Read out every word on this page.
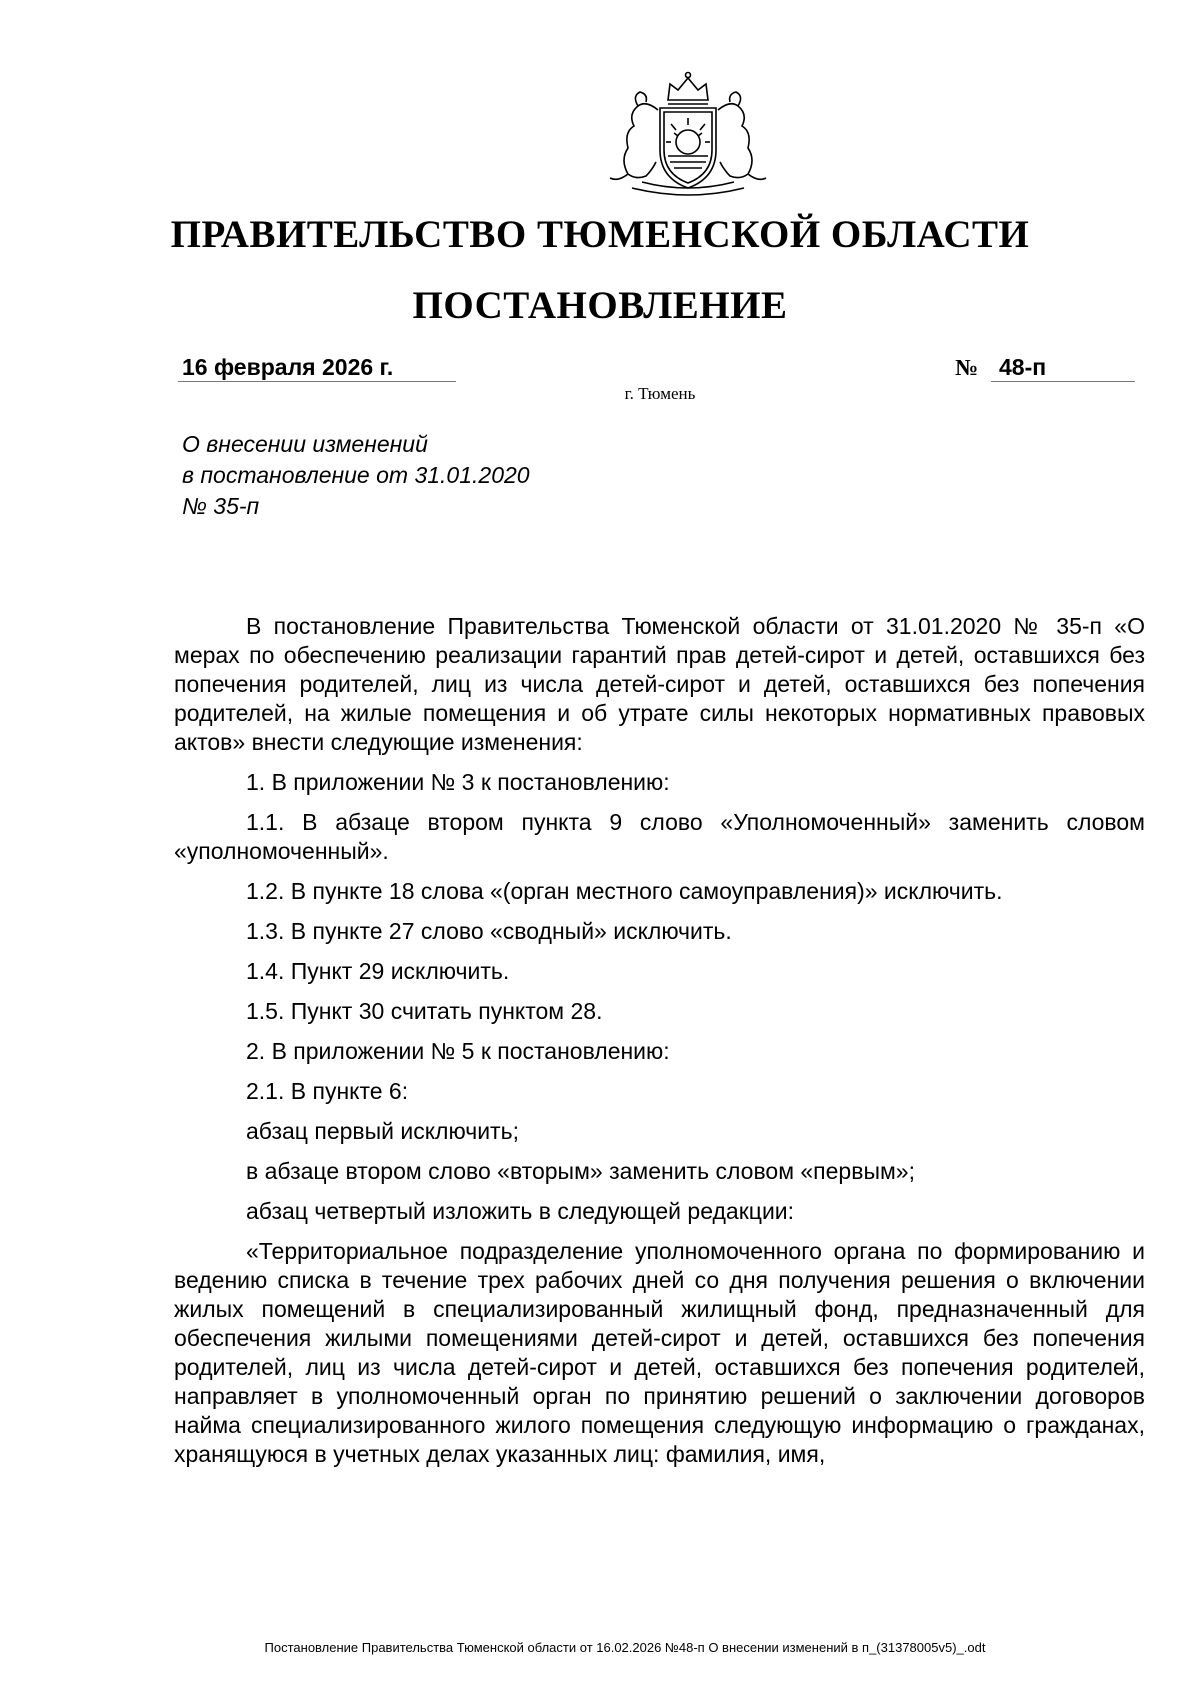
ПРАВИТЕЛЬСТВО ТЮМЕНСКОЙ ОБЛАСТИ
ПОСТАНОВЛЕНИЕ
16 февраля 2026 г.	№ 48-п
г. Тюмень
О внесении изменений
в постановление от 31.01.2020
№ 35-п

В постановление Правительства Тюменской области от 31.01.2020 № 35-п «О мерах по обеспечению реализации гарантий прав детей-сирот и детей, оставшихся без попечения родителей, лиц из числа детей-сирот и детей, оставшихся без попечения родителей, на жилые помещения и об утрате силы некоторых нормативных правовых актов» внести следующие изменения:

1. В приложении № 3 к постановлению:

1.1. В абзаце втором пункта 9 слово «Уполномоченный» заменить словом «уполномоченный».

1.2. В пункте 18 слова «(орган местного самоуправления)» исключить.

1.3. В пункте 27 слово «сводный» исключить.

1.4. Пункт 29 исключить.

1.5. Пункт 30 считать пунктом 28.

2. В приложении № 5 к постановлению:

2.1. В пункте 6:

абзац первый исключить;

в абзаце втором слово «вторым» заменить словом «первым»;

абзац четвертый изложить в следующей редакции:

«Территориальное подразделение уполномоченного органа по формированию и ведению списка в течение трех рабочих дней со дня получения решения о включении жилых помещений в специализированный жилищный фонд, предназначенный для обеспечения жилыми помещениями детей-сирот и детей, оставшихся без попечения родителей, лиц из числа детей-сирот и детей, оставшихся без попечения родителей, направляет в уполномоченный орган по принятию решений о заключении договоров найма специализированного жилого помещения следующую информацию о гражданах, хранящуюся в учетных делах указанных лиц: фамилия, имя,

Постановление Правительства Тюменской области от 16.02.2026 №48-п О внесении изменений в п_(31378005v5)_.odt
